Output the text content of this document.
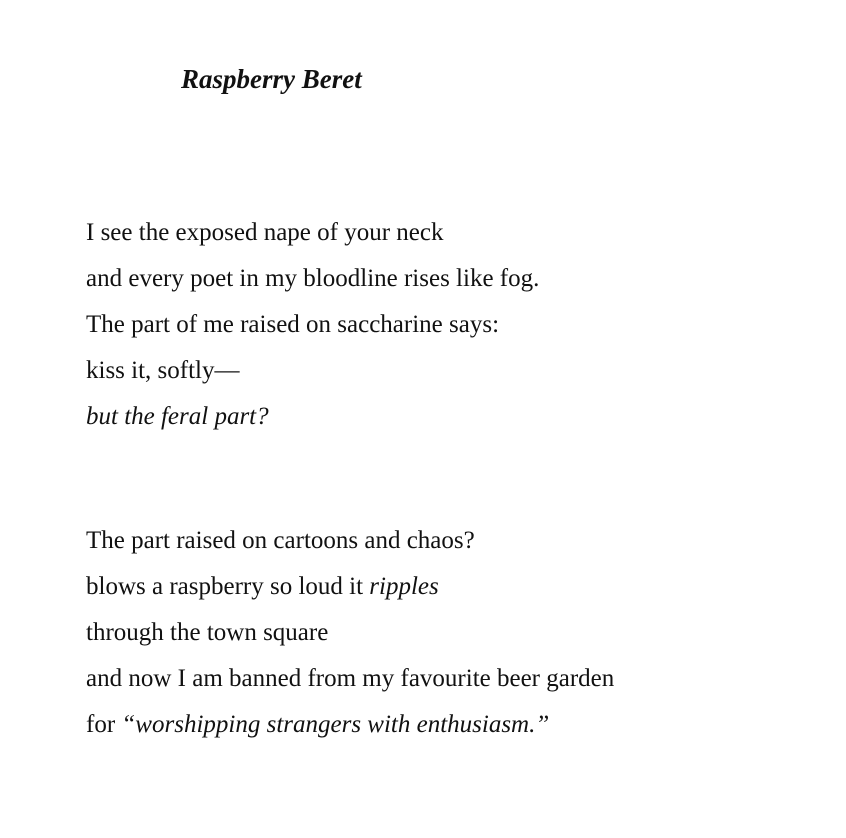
Raspberry Beret
I see the exposed nape of your neck
and every poet in my bloodline rises like fog.
The part of me raised on saccharine says:
kiss it, softly—
but the feral part?
The part raised on cartoons and chaos?
blows a raspberry so loud it ripples
through the town square
and now I am banned from my favourite beer garden
for “worshipping strangers with enthusiasm.”
